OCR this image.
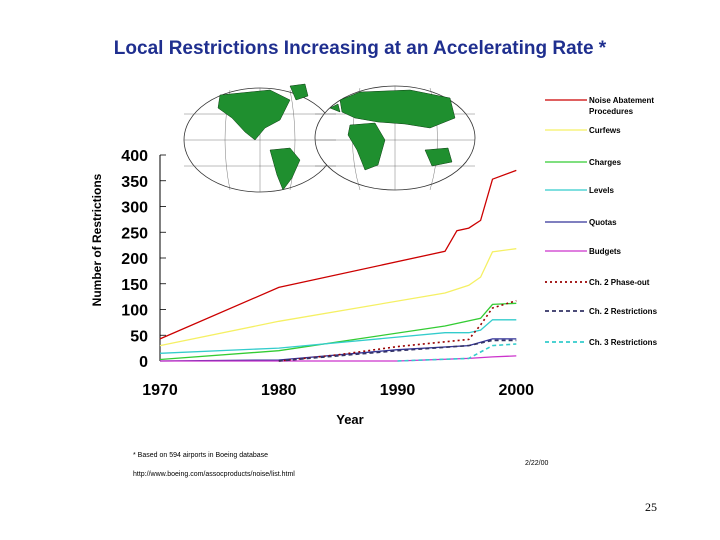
Local Restrictions Increasing at an Accelerating Rate *
0
50
100
150
200
250
300
350
400
1970	1980	1990	2000
Year
Number of Restrictions
Noise Abatement
Procedures
Curfews
Charges
Levels
Quotas
Budgets
Ch. 2 Phase-out
Ch. 2 Restrictions
Ch. 3 Restrictions
* Based on 594 airports in Boeing database
http://www.boeing.com/assocproducts/noise/list.html
2/22/00
25
